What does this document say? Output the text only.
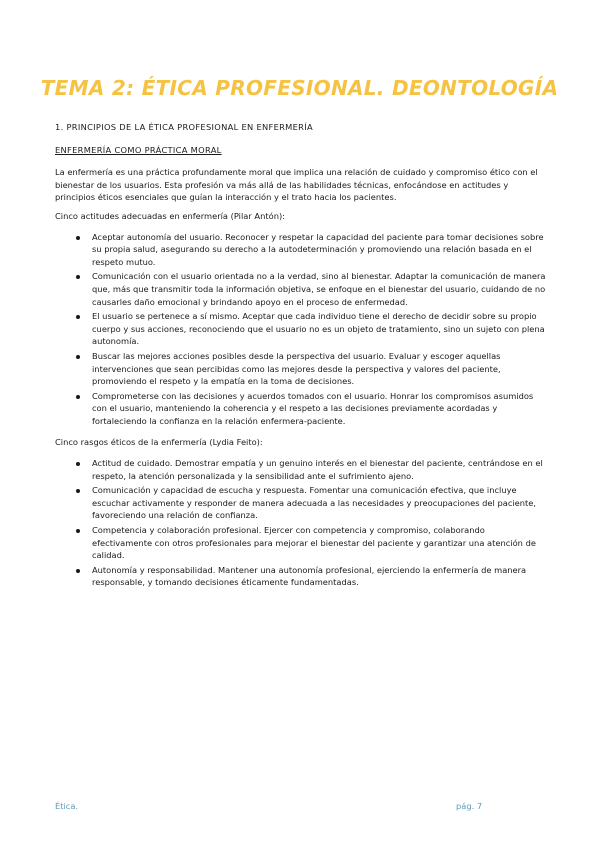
TEMA 2: ÉTICA PROFESIONAL. DEONTOLOGÍA
1. PRINCIPIOS DE LA ÉTICA PROFESIONAL EN ENFERMERÍA
ENFERMERÍA COMO PRÁCTICA MORAL
La enfermería es una práctica profundamente moral que implica una relación de cuidado y compromiso ético con el bienestar de los usuarios. Esta profesión va más allá de las habilidades técnicas, enfocándose en actitudes y principios éticos esenciales que guían la interacción y el trato hacia los pacientes.
Cinco actitudes adecuadas en enfermería (Pilar Antón):
Aceptar autonomía del usuario. Reconocer y respetar la capacidad del paciente para tomar decisiones sobre su propia salud, asegurando su derecho a la autodeterminación y promoviendo una relación basada en el respeto mutuo.
Comunicación con el usuario orientada no a la verdad, sino al bienestar. Adaptar la comunicación de manera que, más que transmitir toda la información objetiva, se enfoque en el bienestar del usuario, cuidando de no causarles daño emocional y brindando apoyo en el proceso de enfermedad.
El usuario se pertenece a sí mismo. Aceptar que cada individuo tiene el derecho de decidir sobre su propio cuerpo y sus acciones, reconociendo que el usuario no es un objeto de tratamiento, sino un sujeto con plena autonomía.
Buscar las mejores acciones posibles desde la perspectiva del usuario. Evaluar y escoger aquellas intervenciones que sean percibidas como las mejores desde la perspectiva y valores del paciente, promoviendo el respeto y la empatía en la toma de decisiones.
Comprometerse con las decisiones y acuerdos tomados con el usuario. Honrar los compromisos asumidos con el usuario, manteniendo la coherencia y el respeto a las decisiones previamente acordadas y fortaleciendo la confianza en la relación enfermera-paciente.
Cinco rasgos éticos de la enfermería (Lydia Feito):
Actitud de cuidado. Demostrar empatía y un genuino interés en el bienestar del paciente, centrándose en el respeto, la atención personalizada y la sensibilidad ante el sufrimiento ajeno.
Comunicación y capacidad de escucha y respuesta. Fomentar una comunicación efectiva, que incluye escuchar activamente y responder de manera adecuada a las necesidades y preocupaciones del paciente, favoreciendo una relación de confianza.
Competencia y colaboración profesional. Ejercer con competencia y compromiso, colaborando efectivamente con otros profesionales para mejorar el bienestar del paciente y garantizar una atención de calidad.
Autonomía y responsabilidad. Mantener una autonomía profesional, ejerciendo la enfermería de manera responsable, y tomando decisiones éticamente fundamentadas.
Ética.	pág. 7
